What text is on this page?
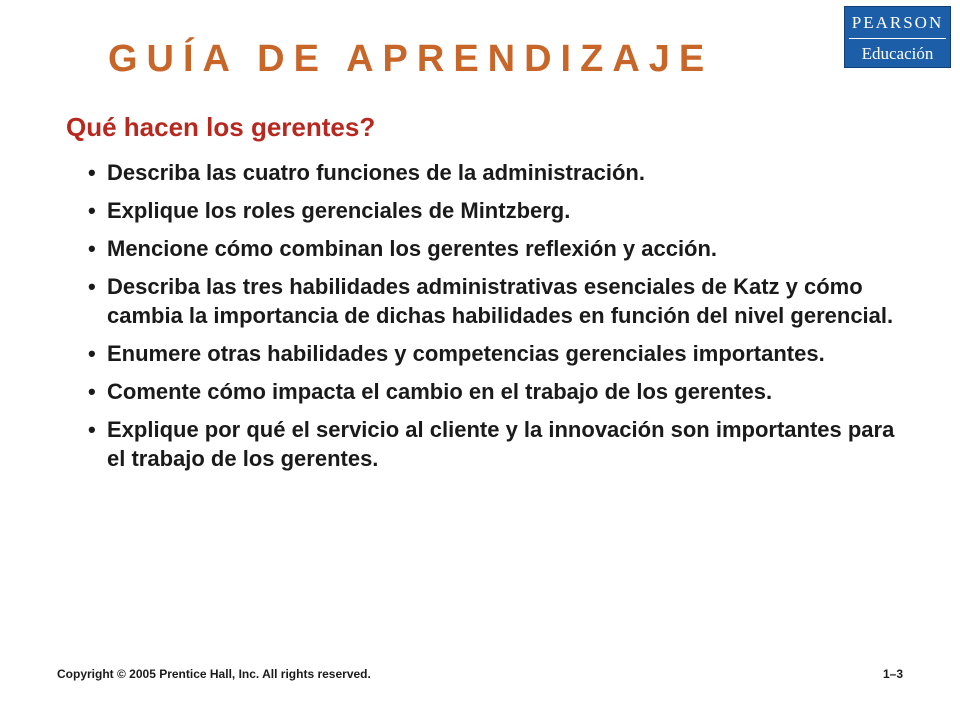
GUÍA DE APRENDIZAJE
PEARSON
Educación
Qué hacen los gerentes?
• Describa las cuatro funciones de la administración.
• Explique los roles gerenciales de Mintzberg.
• Mencione cómo combinan los gerentes reflexión y acción.
• Describa las tres habilidades administrativas esenciales de Katz y cómo cambia la importancia de dichas habilidades en función del nivel gerencial.
• Enumere otras habilidades y competencias gerenciales importantes.
• Comente cómo impacta el cambio en el trabajo de los gerentes.
• Explique por qué el servicio al cliente y la innovación son importantes para el trabajo de los gerentes.
Copyright © 2005 Prentice Hall, Inc. All rights reserved.	1–3
